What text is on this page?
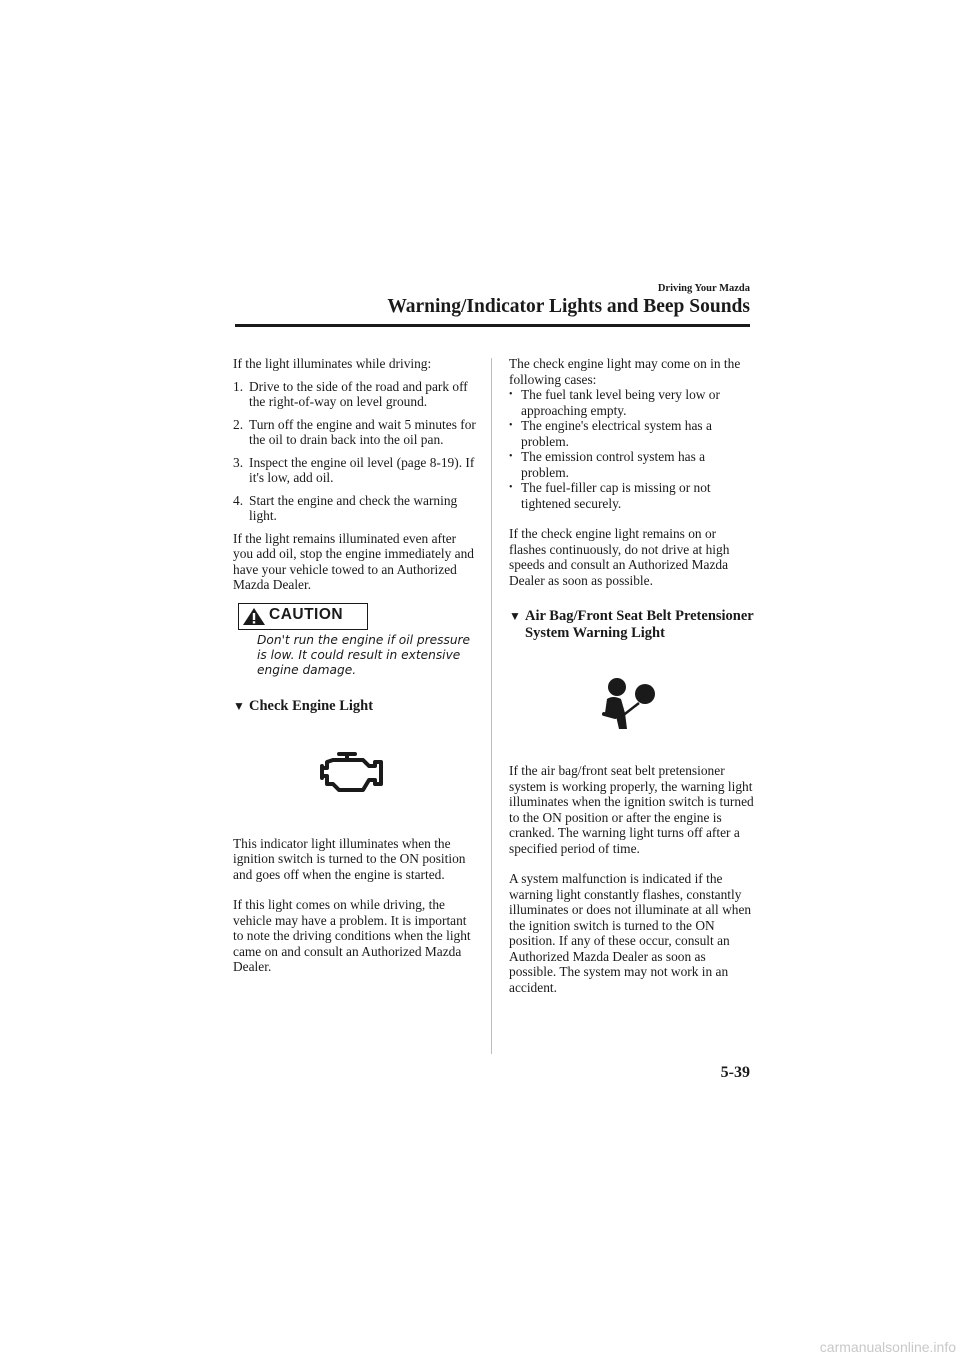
Driving Your Mazda
Warning/Indicator Lights and Beep Sounds

If the light illuminates while driving:

1. Drive to the side of the road and park off the right-of-way on level ground.
2. Turn off the engine and wait 5 minutes for the oil to drain back into the oil pan.
3. Inspect the engine oil level (page 8-19). If it's low, add oil.
4. Start the engine and check the warning light.

If the light remains illuminated even after you add oil, stop the engine immediately and have your vehicle towed to an Authorized Mazda Dealer.

CAUTION

Don't run the engine if oil pressure is low. It could result in extensive engine damage.

▼ Check Engine Light

This indicator light illuminates when the ignition switch is turned to the ON position and goes off when the engine is started.

If this light comes on while driving, the vehicle may have a problem. It is important to note the driving conditions when the light came on and consult an Authorized Mazda Dealer.

The check engine light may come on in the following cases:

• The fuel tank level being very low or approaching empty.
• The engine's electrical system has a problem.
• The emission control system has a problem.
• The fuel-filler cap is missing or not tightened securely.

If the check engine light remains on or flashes continuously, do not drive at high speeds and consult an Authorized Mazda Dealer as soon as possible.

▼ Air Bag/Front Seat Belt Pretensioner System Warning Light

If the air bag/front seat belt pretensioner system is working properly, the warning light illuminates when the ignition switch is turned to the ON position or after the engine is cranked. The warning light turns off after a specified period of time.

A system malfunction is indicated if the warning light constantly flashes, constantly illuminates or does not illuminate at all when the ignition switch is turned to the ON position. If any of these occur, consult an Authorized Mazda Dealer as soon as possible. The system may not work in an accident.

5-39
carmanualsonline.info
